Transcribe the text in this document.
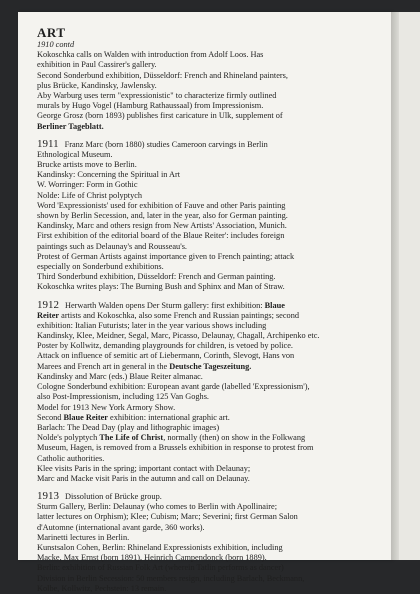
ART
1910 contd
Kokoschka calls on Walden with introduction from Adolf Loos. Has
exhibition in Paul Cassirer's gallery.
Second Sonderbund exhibition, Düsseldorf: French and Rhineland painters,
plus Brücke, Kandinsky, Jawlensky.
Aby Warburg uses term "expressionistic" to characterize firmly outlined
murals by Hugo Vogel (Hamburg Rathaussaal) from Impressionism.
George Grosz (born 1893) publishes first caricature in Ulk, supplement of
Berliner Tageblatt.
1911 Franz Marc (born 1880) studies Cameroon carvings in Berlin
Ethnological Museum.
Brucke artists move to Berlin.
Kandinsky: Concerning the Spiritual in Art
W. Worringer: Form in Gothic
Nolde: Life of Christ polyptych
Word 'Expressionists' used for exhibition of Fauve and other Paris painting
shown by Berlin Secession, and, later in the year, also for German painting.
Kandinsky, Marc and others resign from New Artists' Association, Munich.
First exhibition of the editorial board of the Blaue Reiter': includes foreign
paintings such as Delaunay's and Rousseau's.
Protest of German Artists against importance given to French painting; attack
especially on Sonderbund exhibitions.
Third Sonderbund exhibition, Düsseldorf: French and German painting.
Kokoschka writes plays: The Burning Bush and Sphinx and Man of Straw.
1912 Herwarth Walden opens Der Sturm gallery: first exhibition: Blaue
Reiter artists and Kokoschka, also some French and Russian paintings; second
exhibition: Italian Futurists; later in the year various shows including
Kandinsky, Klee, Meidner, Segal, Marc, Picasso, Delaunay, Chagall, Archipenko etc.
Poster by Kollwitz, demanding playgrounds for children, is vetoed by police.
Attack on influence of semitic art of Liebermann, Corinth, Slevogt, Hans von
Marees and French art in general in the Deutsche Tageszeitung.
Kandinsky and Marc (eds.) Blaue Reiter almanac.
Cologne Sonderbund exhibition: European avant garde (labelled 'Expressionism'),
also Post-Impressionism, including 125 Van Goghs.
Model for 1913 New York Armory Show.
Second Blaue Reiter exhibition: international graphic art.
Barlach: The Dead Day (play and lithographic images)
Nolde's polyptych The Life of Christ, normally (then) on show in the Folkwang
Museum, Hagen, is removed from a Brussels exhibition in response to protest from
Catholic authorities.
Klee visits Paris in the spring; important contact with Delaunay;
Marc and Macke visit Paris in the autumn and call on Delaunay.
1913 Dissolution of Brücke group.
Sturm Gallery, Berlin: Delaunay (who comes to Berlin with Apollinaire;
latter lectures on Orphism); Klee; Cubism; Marc; Severini; first German Salon
d'Automne (international avant garde, 360 works).
Marinetti lectures in Berlin.
Kunstsalon Cohen, Berlin: Rhineland Expressionists exhibition, including
Macke, Max Ernst (born 1891), Heinrich Campendonck (born 1889).
Berlin: exhibition of Russian Folk Art (wherein Tatlin performs as dancer)
Division in Berlin Secession: 50 members resign, including Barlach, Beckmann,
Kolbe, Kollwitz, Pechstein: 13 remain.
